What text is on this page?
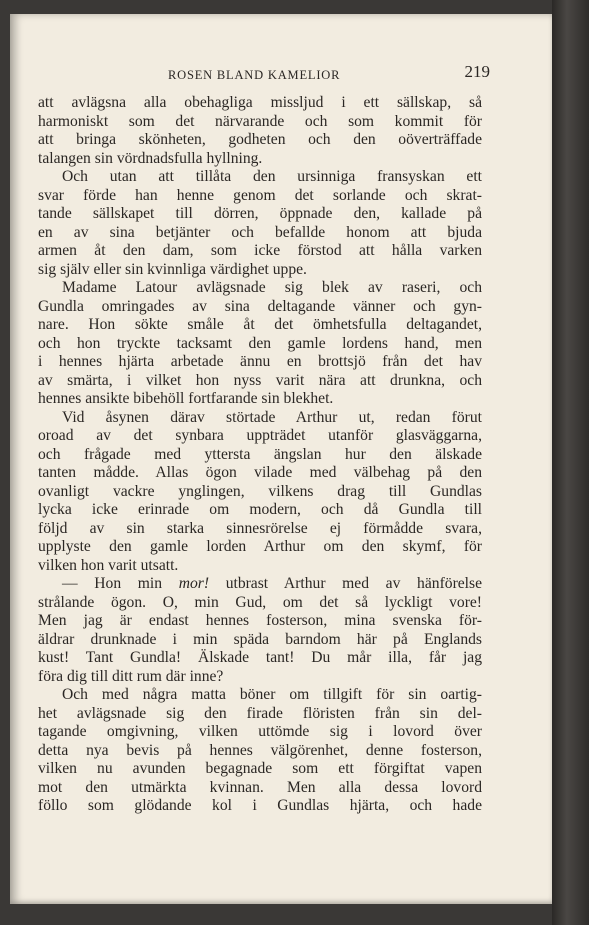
ROSEN BLAND KAMELIOR	219
att avlägsna alla obehagliga missljud i ett sällskap, så
harmoniskt som det närvarande och som kommit för
att bringa skönheten, godheten och den oöverträffade
talangen sin vördnadsfulla hyllning.
Och utan att tillåta den ursinniga fransyskan ett
svar förde han henne genom det sorlande och skrat-
tande sällskapet till dörren, öppnade den, kallade på
en av sina betjänter och befallde honom att bjuda
armen åt den dam, som icke förstod att hålla varken
sig själv eller sin kvinnliga värdighet uppe.
Madame Latour avlägsnade sig blek av raseri, och
Gundla omringades av sina deltagande vänner och gyn-
nare. Hon sökte småle åt det ömhetsfulla deltagandet,
och hon tryckte tacksamt den gamle lordens hand, men
i hennes hjärta arbetade ännu en brottsjö från det hav
av smärta, i vilket hon nyss varit nära att drunkna, och
hennes ansikte bibehöll fortfarande sin blekhet.
Vid åsynen därav störtade Arthur ut, redan förut
oroad av det synbara uppträdet utanför glasväggarna,
och frågade med yttersta ängslan hur den älskade
tanten mådde. Allas ögon vilade med välbehag på den
ovanligt vackre ynglingen, vilkens drag till Gundlas
lycka icke erinrade om modern, och då Gundla till
följd av sin starka sinnesrörelse ej förmådde svara,
upplyste den gamle lorden Arthur om den skymf, för
vilken hon varit utsatt.
— Hon min mor! utbrast Arthur med av hänförelse
strålande ögon. O, min Gud, om det så lyckligt vore!
Men jag är endast hennes fosterson, mina svenska för-
äldrar drunknade i min späda barndom här på Englands
kust! Tant Gundla! Älskade tant! Du mår illa, får jag
föra dig till ditt rum där inne?
Och med några matta böner om tillgift för sin oartig-
het avlägsnade sig den firade flöristen från sin del-
tagande omgivning, vilken uttömde sig i lovord över
detta nya bevis på hennes välgörenhet, denne fosterson,
vilken nu avunden begagnade som ett förgiftat vapen
mot den utmärkta kvinnan. Men alla dessa lovord
föllo som glödande kol i Gundlas hjärta, och hade
